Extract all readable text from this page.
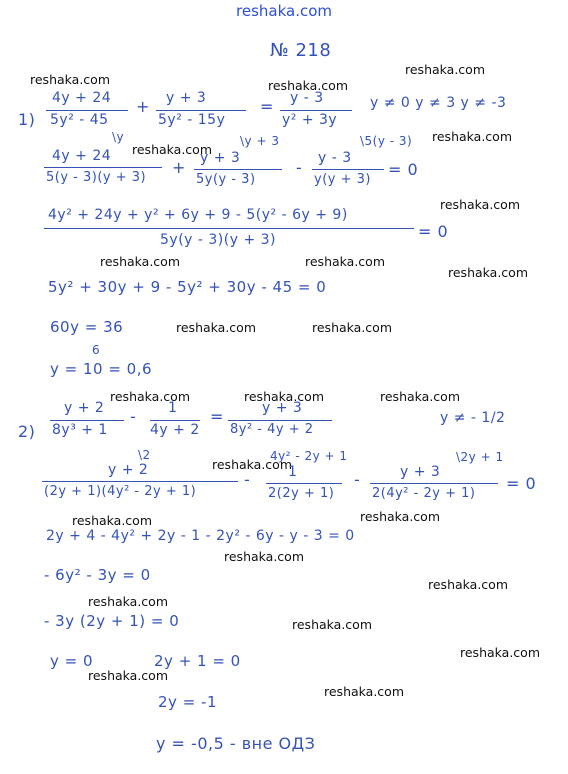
reshaka.com
reshaka.com	reshaka.com
reshaka.com
reshaka.com
reshaka.com
reshaka.com
reshaka.com	reshaka.com
reshaka.com
reshaka.com	reshaka.com
reshaka.com	reshaka.com	reshaka.com
reshaka.com
reshaka.com	reshaka.com
reshaka.com
reshaka.com
reshaka.com
reshaka.com
reshaka.com
reshaka.com
reshaka.com
№ 218
1)
4y + 24
5y² - 45
+ y + 3
5y² - 15y
= y - 3
y² + 3y
y ≠ 0 y ≠ 3 y ≠ -3
\y
4y + 24
5(y - 3)(y + 3)
+
\y + 3
y + 3
5y(y - 3)
-
\5(y - 3)
y - 3
y(y + 3)
= 0
4y² + 24y + y² + 6y + 9 - 5(y² - 6y + 9)
5y(y - 3)(y + 3)	= 0
5y² + 30y + 9 - 5y² + 30y - 45 = 0
60y = 36
6
y = 10 = 0,6
2)
y + 2
8y³ + 1
- 1
4y + 2
=	y + 3
8y² - 4y + 2
y ≠ - 1/2
\2
y + 2
(2y + 1)(4y² - 2y + 1)
-
4y² - 2y + 1
1
2(2y + 1)
-
\2y + 1
y + 3
2(4y² - 2y + 1)
= 0
2y + 4 - 4y² + 2y - 1 - 2y² - 6y - y - 3 = 0
- 6y² - 3y = 0
- 3y (2y + 1) = 0
y = 0	2y + 1 = 0
2y = -1
y = -0,5 - вне ОДЗ
